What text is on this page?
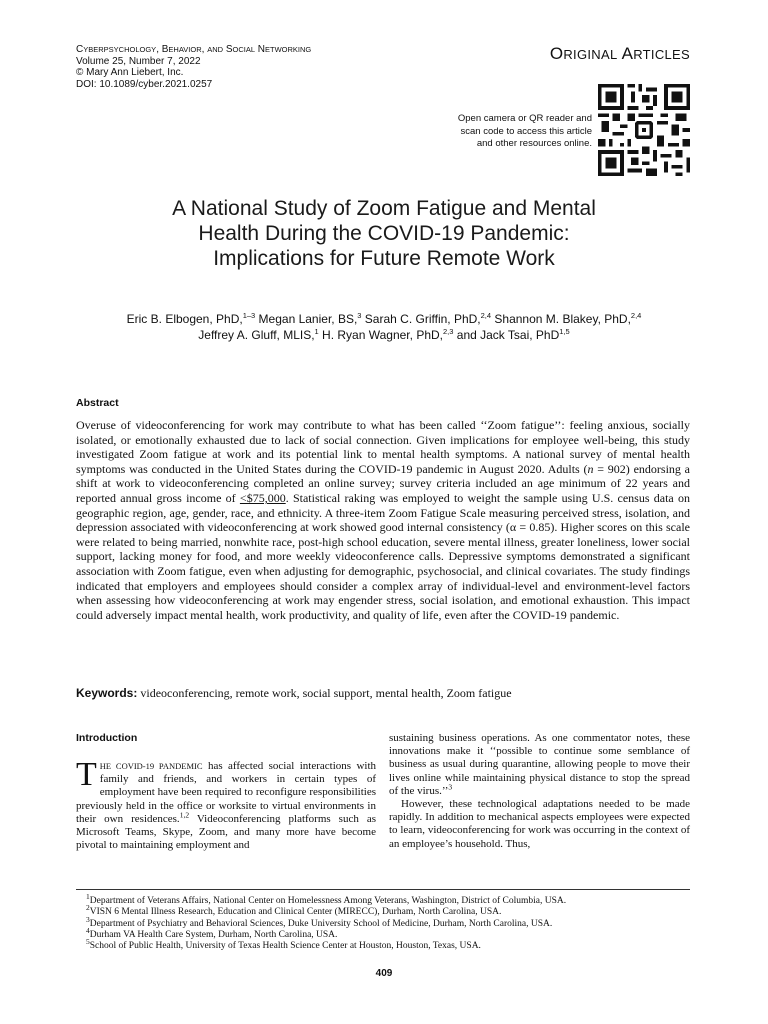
CYBERPSYCHOLOGY, BEHAVIOR, AND SOCIAL NETWORKING
Volume 25, Number 7, 2022
© Mary Ann Liebert, Inc.
DOI: 10.1089/cyber.2021.0257
ORIGINAL ARTICLES
Open camera or QR reader and
scan code to access this article
and other resources online.
A National Study of Zoom Fatigue and Mental
Health During the COVID-19 Pandemic:
Implications for Future Remote Work
Eric B. Elbogen, PhD,$^{1-3}$ Megan Lanier, BS,$^3$ Sarah C. Griffin, PhD,$^{2,4}$ Shannon M. Blakey, PhD,$^{2,4}$
Jeffrey A. Gluff, MLIS,$^1$ H. Ryan Wagner, PhD,$^{2,3}$ and Jack Tsai, PhD$^{1,5}$
Abstract
Overuse of videoconferencing for work may contribute to what has been called ‘‘Zoom fatigue’’: feeling anxious, socially isolated, or emotionally exhausted due to lack of social connection. Given implications for employee well-being, this study investigated Zoom fatigue at work and its potential link to mental health symptoms. A national survey of mental health symptoms was conducted in the United States during the COVID-19 pandemic in August 2020. Adults (n = 902) endorsing a shift at work to videoconferencing completed an online survey; survey criteria included an age minimum of 22 years and reported annual gross income of <$75,000. Statistical raking was employed to weight the sample using U.S. census data on geographic region, age, gender, race, and ethnicity. A three-item Zoom Fatigue Scale measuring perceived stress, isolation, and depression associated with videoconferencing at work showed good internal consistency (α = 0.85). Higher scores on this scale were related to being married, nonwhite race, post-high school education, severe mental illness, greater loneliness, lower social support, lacking money for food, and more weekly videoconference calls. Depressive symptoms demonstrated a significant association with Zoom fatigue, even when adjusting for demographic, psychosocial, and clinical covariates. The study findings indicated that employers and employees should consider a complex array of individual-level and environment-level factors when assessing how videoconferencing at work may engender stress, social isolation, and emotional exhaustion. This impact could adversely impact mental health, work productivity, and quality of life, even after the COVID-19 pandemic.
Keywords: videoconferencing, remote work, social support, mental health, Zoom fatigue
Introduction
THE COVID-19 PANDEMIC has affected social interactions with family and friends, and workers in certain types of employment have been required to reconfigure responsibilities previously held in the office or worksite to virtual environments in their own residences.$^{1,2}$ Videoconferencing platforms such as Microsoft Teams, Skype, Zoom, and many more have become pivotal to maintaining employment and
sustaining business operations. As one commentator notes, these innovations make it ‘‘possible to continue some semblance of business as usual during quarantine, allowing people to move their lives online while maintaining physical distance to stop the spread of the virus.’’$^3$
However, these technological adaptations needed to be made rapidly. In addition to mechanical aspects employees were expected to learn, videoconferencing for work was occurring in the context of an employee’s household. Thus,
$^1$Department of Veterans Affairs, National Center on Homelessness Among Veterans, Washington, District of Columbia, USA.
$^2$VISN 6 Mental Illness Research, Education and Clinical Center (MIRECC), Durham, North Carolina, USA.
$^3$Department of Psychiatry and Behavioral Sciences, Duke University School of Medicine, Durham, North Carolina, USA.
$^4$Durham VA Health Care System, Durham, North Carolina, USA.
$^5$School of Public Health, University of Texas Health Science Center at Houston, Houston, Texas, USA.
409
